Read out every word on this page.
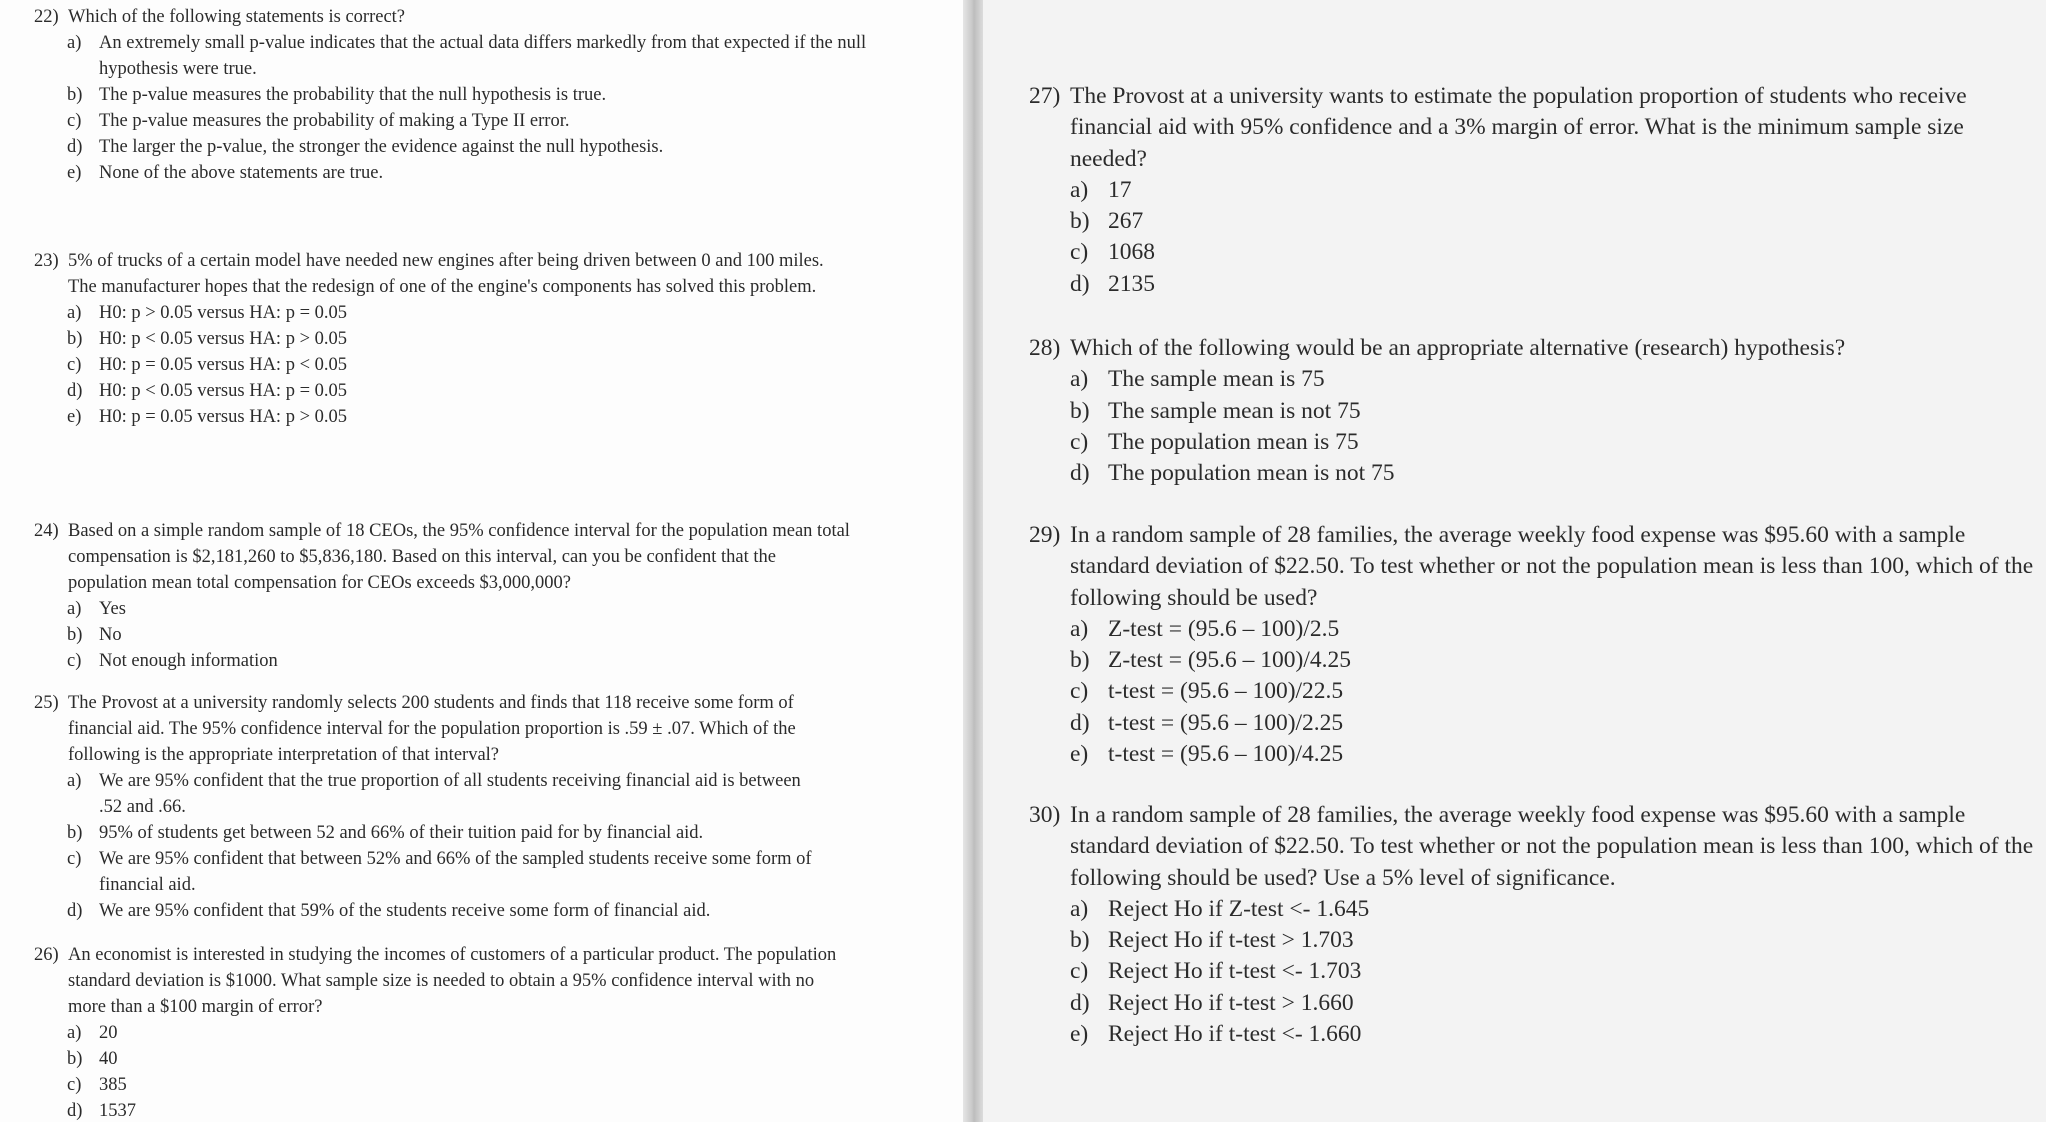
22) Which of the following statements is correct?
a) An extremely small p-value indicates that the actual data differs markedly from that expected if the null hypothesis were true.
b) The p-value measures the probability that the null hypothesis is true.
c) The p-value measures the probability of making a Type II error.
d) The larger the p-value, the stronger the evidence against the null hypothesis.
e) None of the above statements are true.
23) 5% of trucks of a certain model have needed new engines after being driven between 0 and 100 miles. The manufacturer hopes that the redesign of one of the engine's components has solved this problem.
a) H0: p > 0.05 versus HA: p = 0.05
b) H0: p < 0.05 versus HA: p > 0.05
c) H0: p = 0.05 versus HA: p < 0.05
d) H0: p < 0.05 versus HA: p = 0.05
e) H0: p = 0.05 versus HA: p > 0.05
24) Based on a simple random sample of 18 CEOs, the 95% confidence interval for the population mean total compensation is $2,181,260 to $5,836,180. Based on this interval, can you be confident that the population mean total compensation for CEOs exceeds $3,000,000?
a) Yes
b) No
c) Not enough information
25) The Provost at a university randomly selects 200 students and finds that 118 receive some form of financial aid. The 95% confidence interval for the population proportion is .59 ± .07. Which of the following is the appropriate interpretation of that interval?
a) We are 95% confident that the true proportion of all students receiving financial aid is between .52 and .66.
b) 95% of students get between 52 and 66% of their tuition paid for by financial aid.
c) We are 95% confident that between 52% and 66% of the sampled students receive some form of financial aid.
d) We are 95% confident that 59% of the students receive some form of financial aid.
26) An economist is interested in studying the incomes of customers of a particular product. The population standard deviation is $1000. What sample size is needed to obtain a 95% confidence interval with no more than a $100 margin of error?
a) 20
b) 40
c) 385
d) 1537
27) The Provost at a university wants to estimate the population proportion of students who receive financial aid with 95% confidence and a 3% margin of error. What is the minimum sample size needed?
a) 17
b) 267
c) 1068
d) 2135
28) Which of the following would be an appropriate alternative (research) hypothesis?
a) The sample mean is 75
b) The sample mean is not 75
c) The population mean is 75
d) The population mean is not 75
29) In a random sample of 28 families, the average weekly food expense was $95.60 with a sample standard deviation of $22.50. To test whether or not the population mean is less than 100, which of the following should be used?
a) Z-test = (95.6 – 100)/2.5
b) Z-test = (95.6 – 100)/4.25
c) t-test = (95.6 – 100)/22.5
d) t-test = (95.6 – 100)/2.25
e) t-test = (95.6 – 100)/4.25
30) In a random sample of 28 families, the average weekly food expense was $95.60 with a sample standard deviation of $22.50. To test whether or not the population mean is less than 100, which of the following should be used? Use a 5% level of significance.
a) Reject Ho if Z-test <- 1.645
b) Reject Ho if t-test > 1.703
c) Reject Ho if t-test <- 1.703
d) Reject Ho if t-test > 1.660
e) Reject Ho if t-test <- 1.660
